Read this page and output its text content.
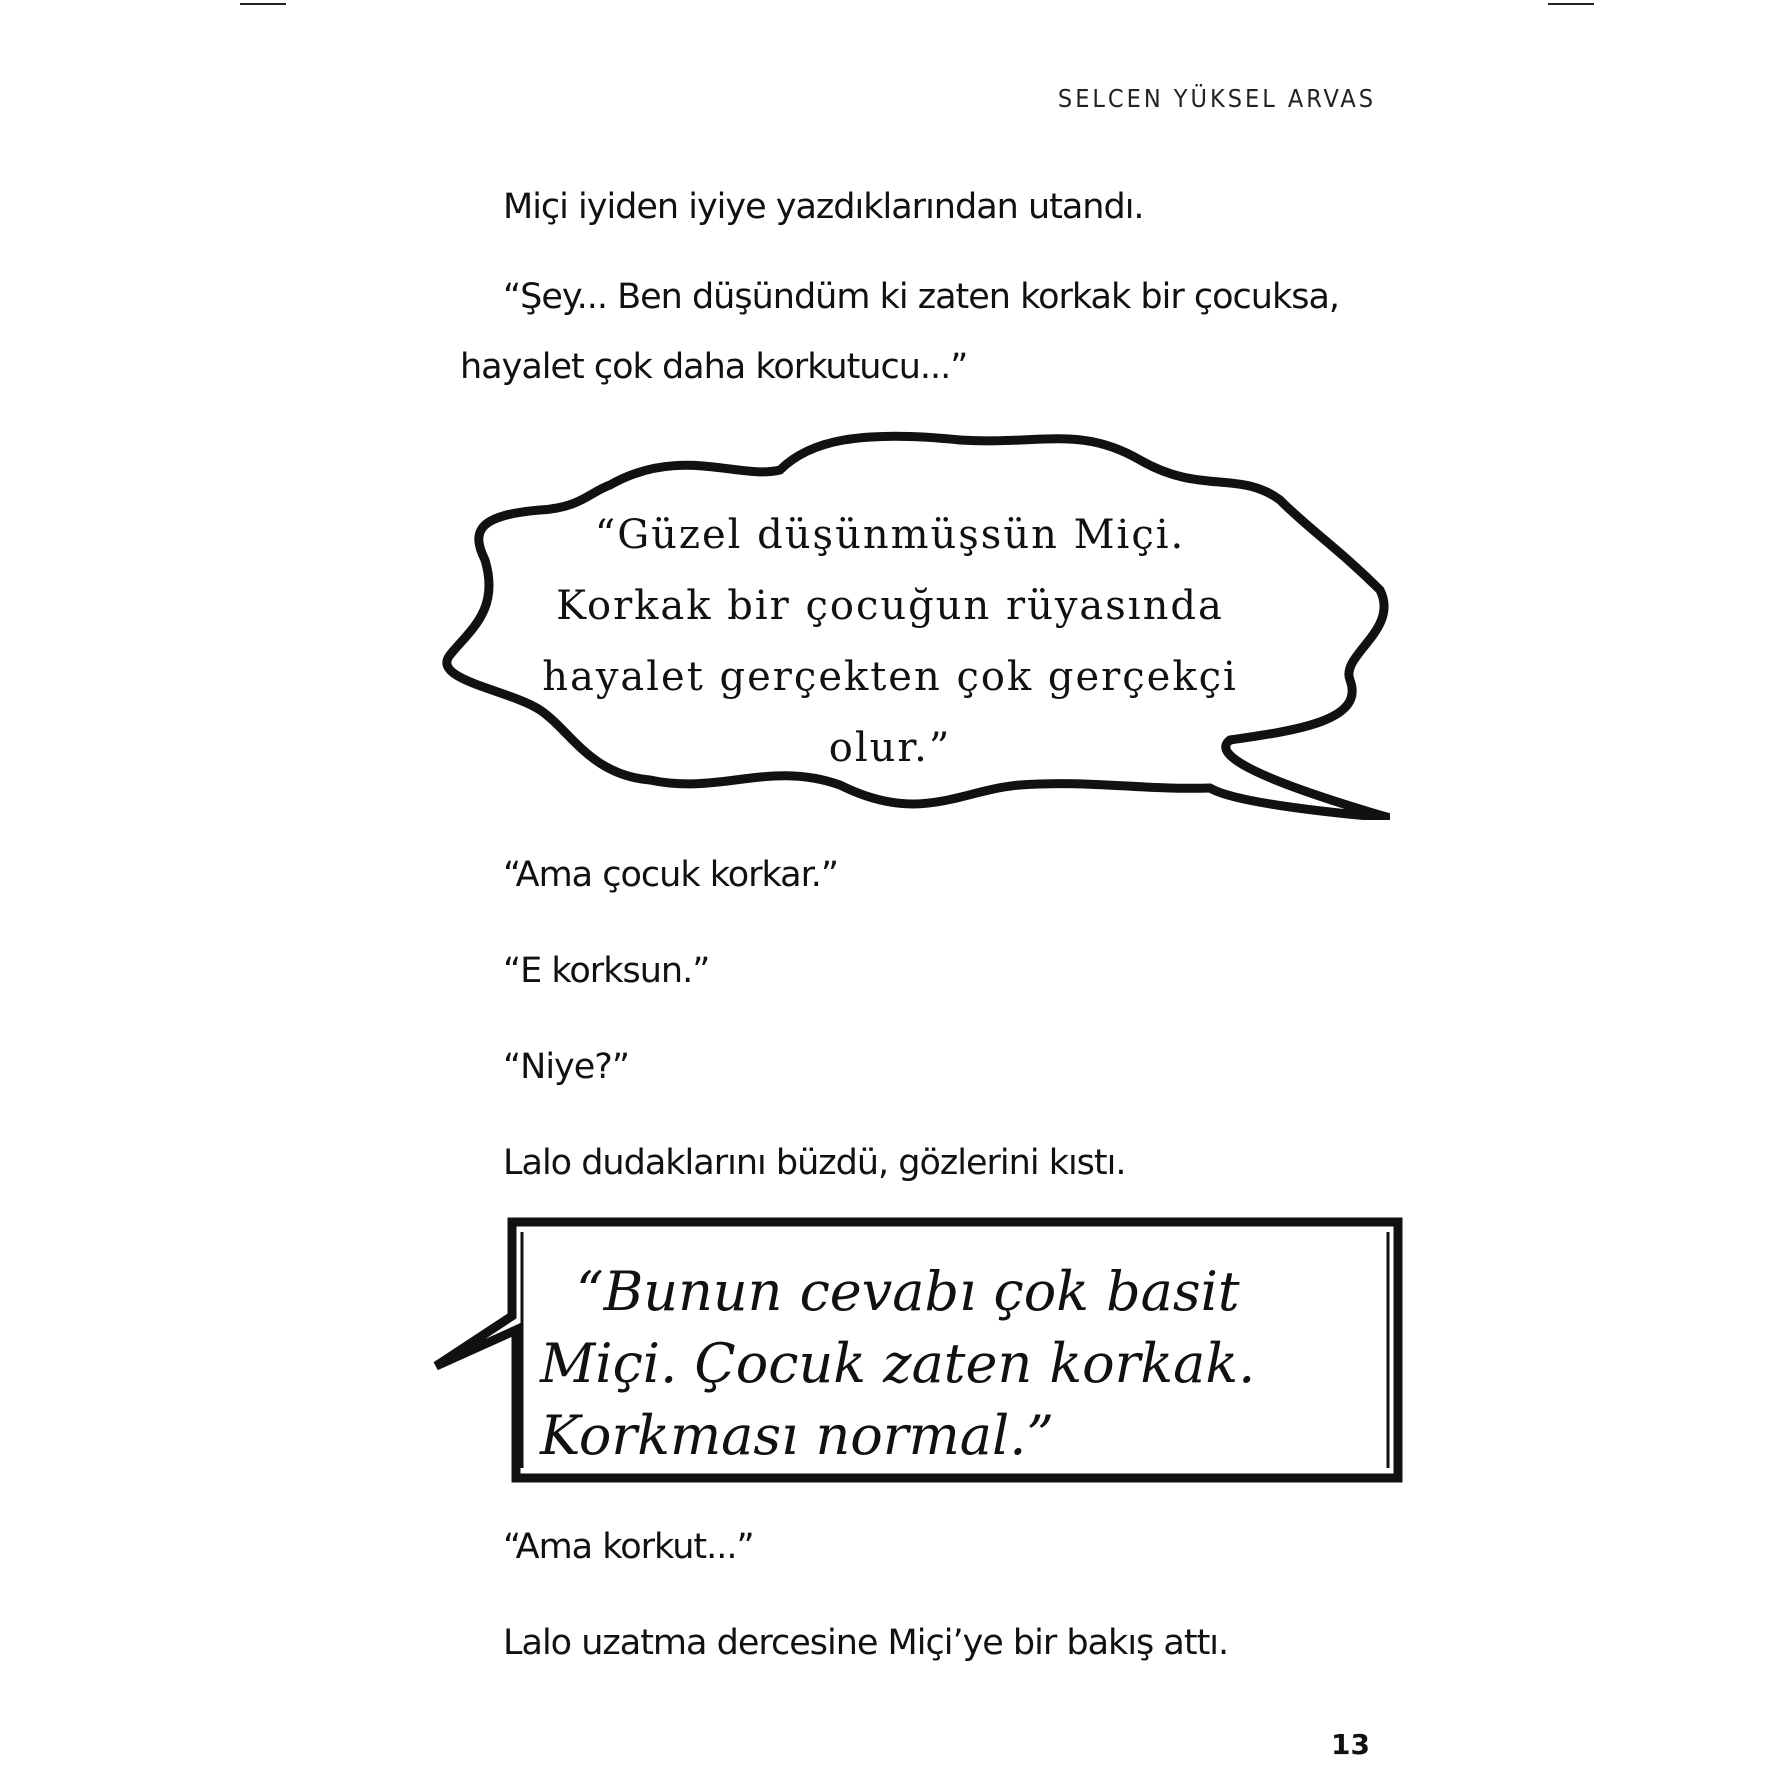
SELCEN YÜKSEL ARVAS
Miçi iyiden iyiye yazdıklarından utandı.
“Şey... Ben düşündüm ki zaten korkak bir çocuksa, hayalet çok daha korkutucu...”
“Güzel düşünmüşsün Miçi. Korkak bir çocuğun rüyasında hayalet gerçekten çok gerçekçi olur.”
“Ama çocuk korkar.”
“E korksun.”
“Niye?”
Lalo dudaklarını büzdü, gözlerini kıstı.
“Bunun cevabı çok basit Miçi. Çocuk zaten korkak. Korkması normal.”
“Ama korkut...”
Lalo uzatma dercesine Miçi’ye bir bakış attı.
13
